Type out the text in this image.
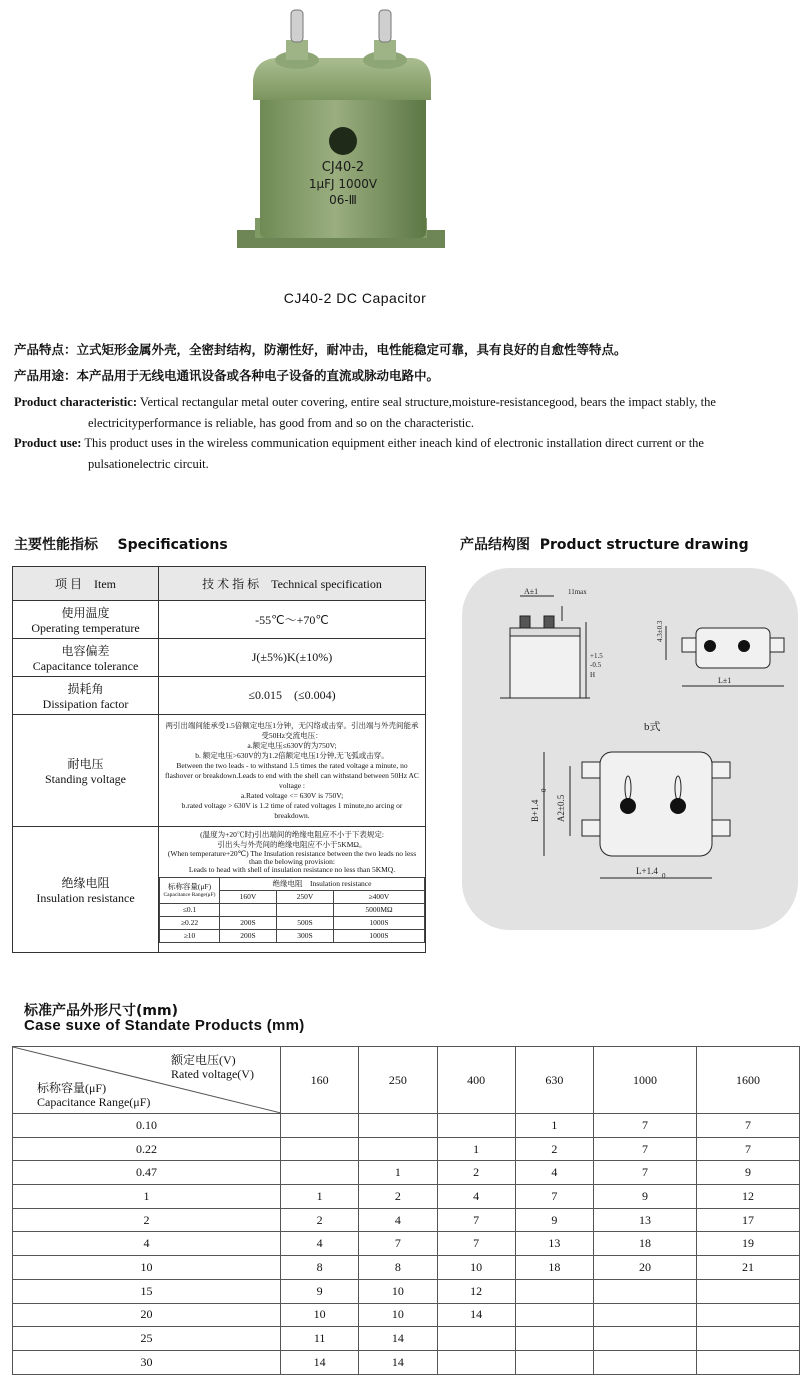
CJ40-2
1μFJ 1000V
06-Ⅲ
CJ40-2 DC Capacitor
产品特点：立式矩形金属外壳，全密封结构，防潮性好，耐冲击，电性能稳定可靠，具有良好的自愈性等特点。
产品用途：本产品用于无线电通讯设备或各种电子设备的直流或脉动电路中。
Product characteristic: Vertical rectangular metal outer covering, entire seal structure,moisture-resistancegood, bears the impact stably, the
electricityperformance is reliable, has good from and so on the characteristic.
Product use: This product uses in the wireless communication equipment either ineach kind of electronic installation direct current or the
pulsationelectric circuit.
主要性能指标    Specifications	产品结构图  Product structure drawing
项 目    Item	技 术 指 标    Technical specification

使用温度
Operating temperature
	-55℃～+70℃

电容偏差
Capacitance tolerance
	J(±5%)K(±10%)

损耗角
Dissipation factor
	≤0.015    (≤0.004)

耐电压
Standing voltage

两引出端间能承受1.5倍额定电压1分钟，无闪络或击穿。引出端与外壳间能承受50Hz交流电压：
a.额定电压≤630V的为750V;
b. 额定电压>630V的为1.2倍额定电压1分钟,无飞弧或击穿。
Between the two leads - to withstand 1.5 times the rated voltage a minute, no flashover or breakdown.Leads to end with the shell can withstand between 50Hz AC voltage :
a.Rated voltage <= 630V is 750V;
b.rated voltage > 630V is 1.2 time of rated voltages 1 minute,no arcing or breakdown.

绝缘电阻
Insulation resistance

(温度为+20℃时)引出端间的绝缘电阻应不小于下表规定:
引出头与外壳间的绝缘电阻应不小于5KMΩ。
(When temperature+20℃) The Insulation resistance between the two leads no less than the belowing provision:
Leads to head with shell of insulation resistance no less than 5KMQ.
标称容量(μF)
Capacitance Range(μF)
	绝缘电阻    Insulation resistance
160V	250V	≥400V
≤0.1			5000MΩ
≥0.22	200S	500S	1000S
≥10	200S	300S	1000S
A±1	11max
+1.5
-0.5
H
4.3±0.3
L±1
b式
B+1.4
0
A2±0.5
L+1.4 0
标准产品外形尺寸(mm)
Case suxe of Standate Products (mm)
额定电压(V)
Rated voltage(V)
标称容量(μF)
Capacitance Range(μF)	160	250	400	630	1000	1600
0.10				1	7	7
0.22			1	2	7	7
0.47		1	2	4	7	9
1	1	2	4	7	9	12
2	2	4	7	9	13	17
4	4	7	7	13	18	19
10	8	8	10	18	20	21
15	9	10	12			
20	10	10	14			
25	11	14				
30	14	14				
